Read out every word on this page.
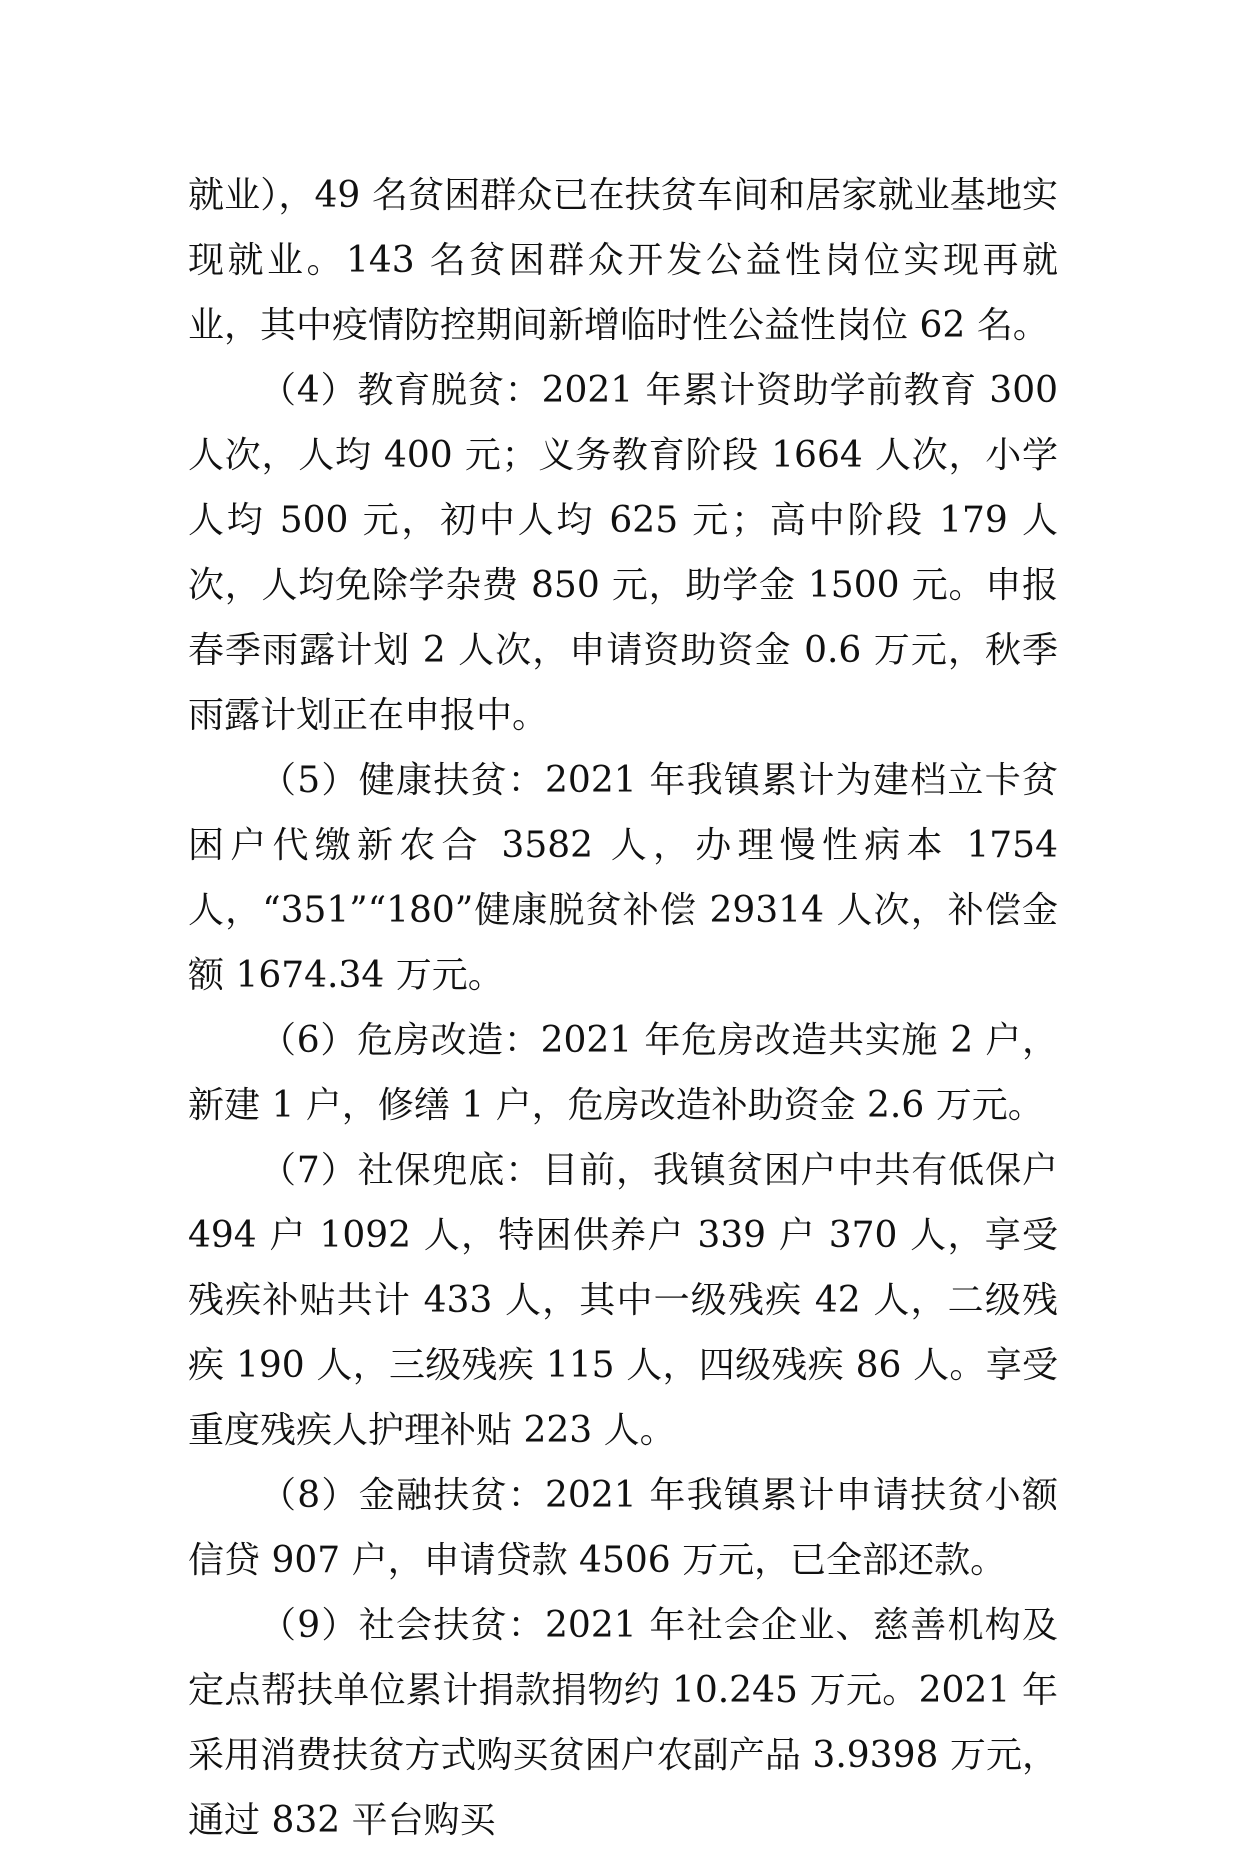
就业），49 名贫困群众已在扶贫车间和居家就业基地实现就业。143 名贫困群众开发公益性岗位实现再就业，其中疫情防控期间新增临时性公益性岗位 62 名。

（4）教育脱贫：2021 年累计资助学前教育 300 人次，人均 400 元；义务教育阶段 1664 人次，小学人均 500 元，初中人均 625 元；高中阶段 179 人次，人均免除学杂费 850 元，助学金 1500 元。申报春季雨露计划 2 人次，申请资助资金 0.6 万元，秋季雨露计划正在申报中。

（5）健康扶贫：2021 年我镇累计为建档立卡贫困户代缴新农合 3582 人，办理慢性病本 1754 人，“351”“180”健康脱贫补偿 29314 人次，补偿金额 1674.34 万元。

（6）危房改造：2021 年危房改造共实施 2 户，新建 1 户，修缮 1 户，危房改造补助资金 2.6 万元。

（7）社保兜底：目前，我镇贫困户中共有低保户 494 户 1092 人，特困供养户 339 户 370 人，享受残疾补贴共计 433 人，其中一级残疾 42 人，二级残疾 190 人，三级残疾 115 人，四级残疾 86 人。享受重度残疾人护理补贴 223 人。

（8）金融扶贫：2021 年我镇累计申请扶贫小额信贷 907 户，申请贷款 4506 万元，已全部还款。

（9）社会扶贫：2021 年社会企业、慈善机构及定点帮扶单位累计捐款捐物约 10.245 万元。2021 年采用消费扶贫方式购买贫困户农副产品 3.9398 万元，通过 832 平台购买
